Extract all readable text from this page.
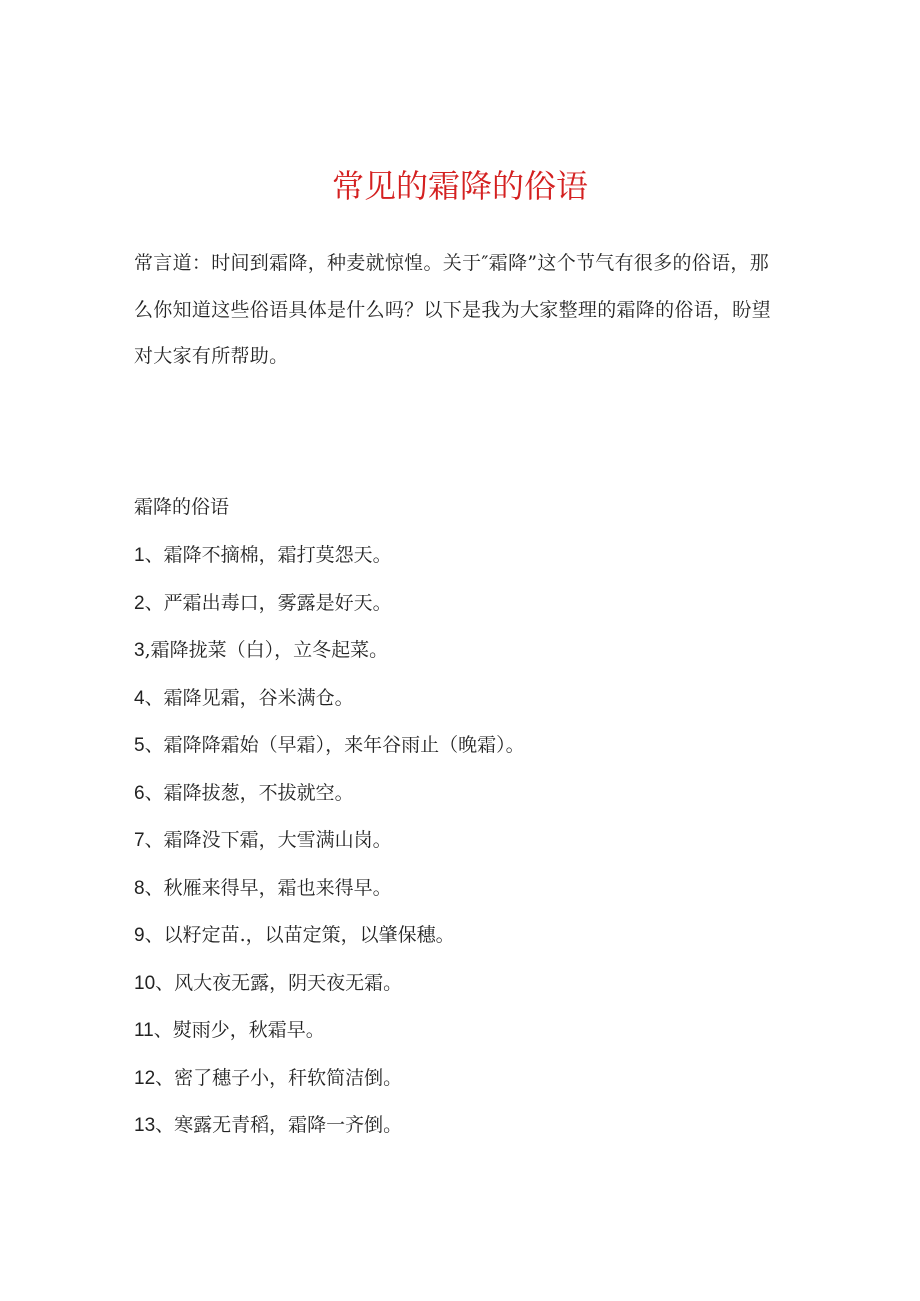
常见的霜降的俗语

常言道：时间到霜降，种麦就惊惶。关于″霜降”这个节气有很多的俗语，那么你知道这些俗语具体是什么吗？以下是我为大家整理的霜降的俗语，盼望对大家有所帮助。

霜降的俗语
1、霜降不摘棉，霜打莫怨天。
2、严霜出毒口，雾露是好天。
3,霜降拢菜（白），立冬起菜。
4、霜降见霜，谷米满仓。
5、霜降降霜始（早霜），来年谷雨止（晚霜）。
6、霜降拔葱，不拔就空。
7、霜降没下霜，大雪满山岗。
8、秋雁来得早，霜也来得早。
9、以籽定苗.，以苗定策，以肇保穗。
10、风大夜无露，阴天夜无霜。
11、熨雨少，秋霜早。
12、密了穗子小，秆软简洁倒。
13、寒露无青稻，霜降一齐倒。
